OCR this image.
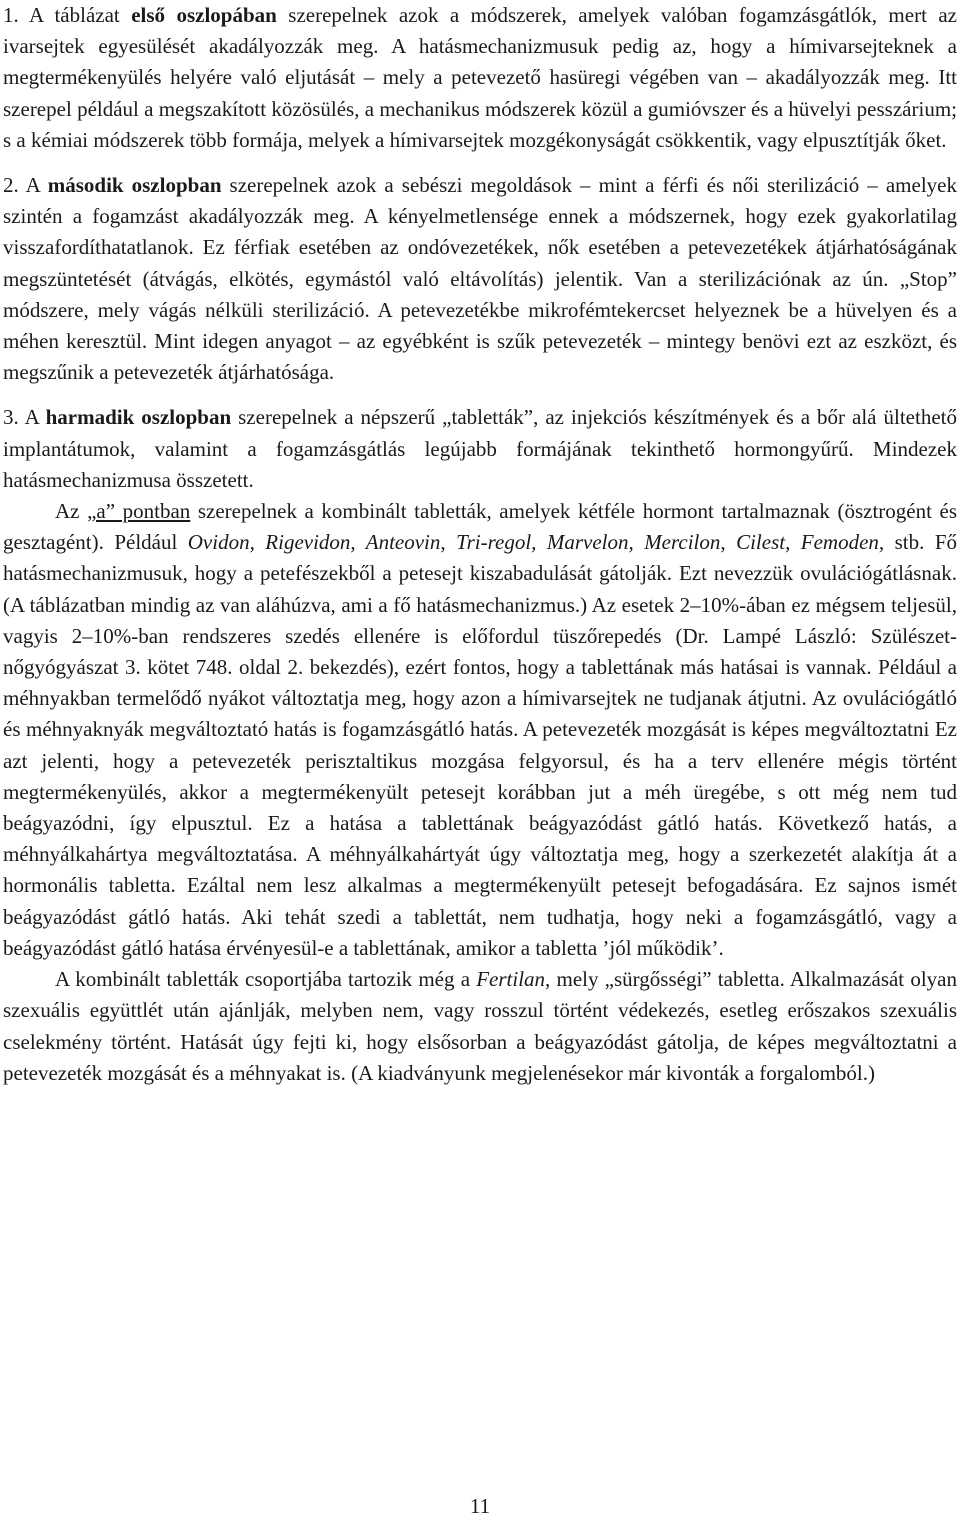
1. A táblázat első oszlopában szerepelnek azok a módszerek, amelyek valóban fogamzásgátlók, mert az ivarsejtek egyesülését akadályozzák meg. A hatásmechanizmusuk pedig az, hogy a hímivarsejteknek a megtermékenyülés helyére való eljutását – mely a petevezető hasüregi végében van – akadályozzák meg. Itt szerepel például a megszakított közösülés, a mechanikus módszerek közül a gumióvszer és a hüvelyi pesszárium; s a kémiai módszerek több formája, melyek a hímivarsejtek mozgékonyságát csökkentik, vagy elpusztítják őket.

2. A második oszlopban szerepelnek azok a sebészi megoldások – mint a férfi és női sterilizáció – amelyek szintén a fogamzást akadályozzák meg. A kényelmetlensége ennek a módszernek, hogy ezek gyakorlatilag visszafordíthatatlanok. Ez férfiak esetében az ondóvezetékek, nők esetében a petevezetékek átjárhatóságának megszüntetését (átvágás, elkötés, egymástól való eltávolítás) jelentik. Van a sterilizációnak az ún. „Stop” módszere, mely vágás nélküli sterilizáció. A petevezetékbe mikrofémtekercset helyeznek be a hüvelyen és a méhen keresztül. Mint idegen anyagot – az egyébként is szűk petevezeték – mintegy benövi ezt az eszközt, és megszűnik a petevezeték átjárhatósága.

3. A harmadik oszlopban szerepelnek a népszerű „tabletták”, az injekciós készítmények és a bőr alá ültethető implantátumok, valamint a fogamzásgátlás legújabb formájának tekinthető hormongyűrű. Mindezek hatásmechanizmusa összetett.

Az „a” pontban szerepelnek a kombinált tabletták, amelyek kétféle hormont tartalmaznak (ösztrogént és gesztagént). Például Ovidon, Rigevidon, Anteovin, Tri-regol, Marvelon, Mercilon, Cilest, Femoden, stb. Fő hatásmechanizmusuk, hogy a petefészekből a petesejt kiszabadulását gátolják. Ezt nevezzük ovulációgátlásnak. (A táblázatban mindig az van aláhúzva, ami a fő hatásmechanizmus.) Az esetek 2–10%-ában ez mégsem teljesül, vagyis 2–10%-ban rendszeres szedés ellenére is előfordul tüszőrepedés (Dr. Lampé László: Szülészet-nőgyógyászat 3. kötet 748. oldal 2. bekezdés), ezért fontos, hogy a tablettának más hatásai is vannak. Például a méhnyakban termelődő nyákot változtatja meg, hogy azon a hímivarsejtek ne tudjanak átjutni. Az ovulációgátló és méhnyaknyák megváltoztató hatás is fogamzásgátló hatás. A petevezeték mozgását is képes megváltoztatni Ez azt jelenti, hogy a petevezeték perisztaltikus mozgása felgyorsul, és ha a terv ellenére mégis történt megtermékenyülés, akkor a megtermékenyült petesejt korábban jut a méh üregébe, s ott még nem tud beágyazódni, így elpusztul. Ez a hatása a tablettának beágyazódást gátló hatás. Következő hatás, a méhnyálkahártya megváltoztatása. A méhnyálkahártyát úgy változtatja meg, hogy a szerkezetét alakítja át a hormonális tabletta. Ezáltal nem lesz alkalmas a megtermékenyült petesejt befogadására. Ez sajnos ismét beágyazódást gátló hatás. Aki tehát szedi a tablettát, nem tudhatja, hogy neki a fogamzásgátló, vagy a beágyazódást gátló hatása érvényesül-e a tablettának, amikor a tabletta ’jól működik’.

A kombinált tabletták csoportjába tartozik még a Fertilan, mely „sürgősségi” tabletta. Alkalmazását olyan szexuális együttlét után ajánlják, melyben nem, vagy rosszul történt védekezés, esetleg erőszakos szexuális cselekmény történt. Hatását úgy fejti ki, hogy elsősorban a beágyazódást gátolja, de képes megváltoztatni a petevezeték mozgását és a méhnyakat is. (A kiadványunk megjelenésekor már kivonták a forgalomból.)

11
